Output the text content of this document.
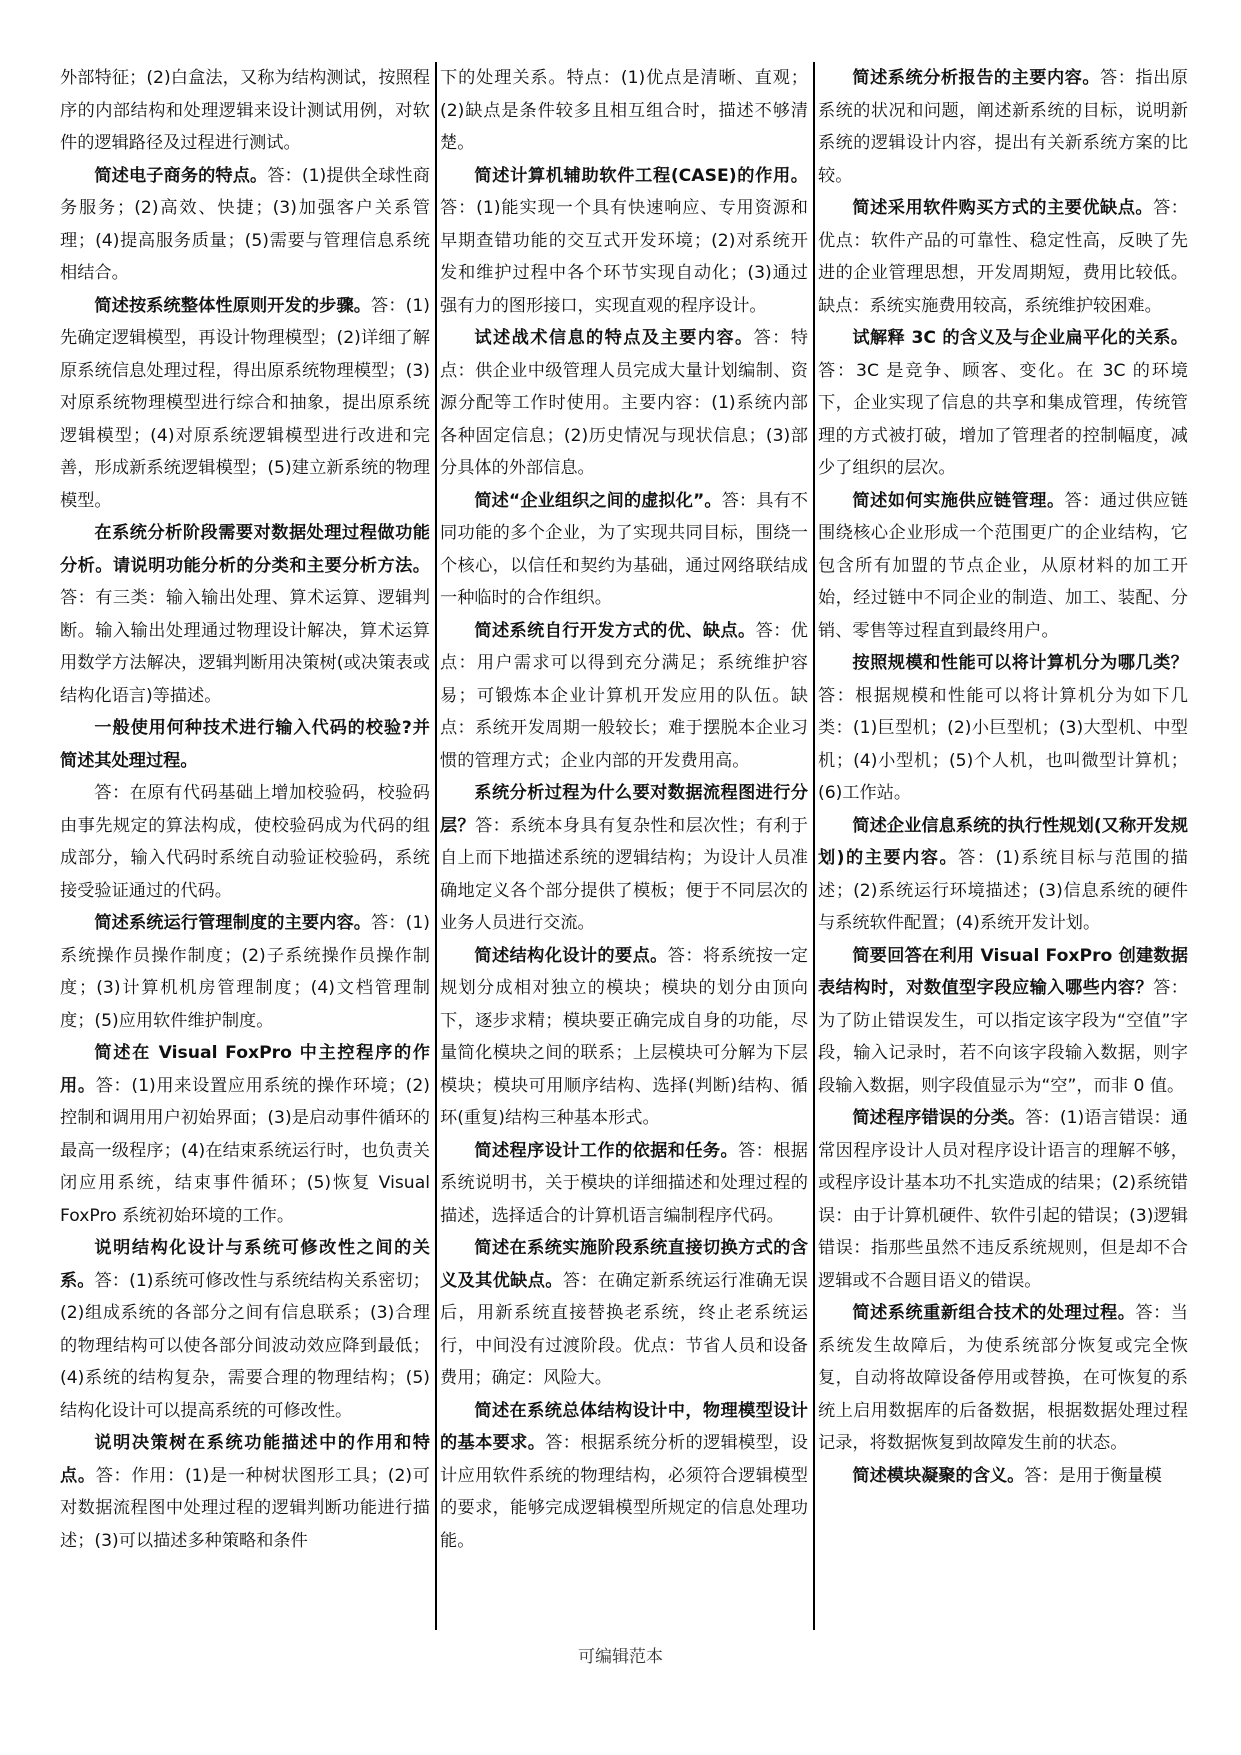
外部特征；(2)白盒法，又称为结构测试，按照程序的内部结构和处理逻辑来设计测试用例，对软件的逻辑路径及过程进行测试。

简述电子商务的特点。答：(1)提供全球性商务服务；(2)高效、快捷；(3)加强客户关系管理；(4)提高服务质量；(5)需要与管理信息系统相结合。

简述按系统整体性原则开发的步骤。答：(1)先确定逻辑模型，再设计物理模型；(2)详细了解原系统信息处理过程，得出原系统物理模型；(3)对原系统物理模型进行综合和抽象，提出原系统逻辑模型；(4)对原系统逻辑模型进行改进和完善，形成新系统逻辑模型；(5)建立新系统的物理模型。

在系统分析阶段需要对数据处理过程做功能分析。请说明功能分析的分类和主要分析方法。答：有三类：输入输出处理、算术运算、逻辑判断。输入输出处理通过物理设计解决，算术运算用数学方法解决，逻辑判断用决策树(或决策表或结构化语言)等描述。

一般使用何种技术进行输入代码的校验?并简述其处理过程。

答：在原有代码基础上增加校验码，校验码由事先规定的算法构成，使校验码成为代码的组成部分，输入代码时系统自动验证校验码，系统接受验证通过的代码。

简述系统运行管理制度的主要内容。答：(1)系统操作员操作制度；(2)子系统操作员操作制度；(3)计算机机房管理制度；(4)文档管理制度；(5)应用软件维护制度。

简述在 Visual FoxPro 中主控程序的作用。答：(1)用来设置应用系统的操作环境；(2)控制和调用用户初始界面；(3)是启动事件循环的最高一级程序；(4)在结束系统运行时，也负责关闭应用系统，结束事件循环；(5)恢复 Visual FoxPro 系统初始环境的工作。

说明结构化设计与系统可修改性之间的关系。答：(1)系统可修改性与系统结构关系密切；(2)组成系统的各部分之间有信息联系；(3)合理的物理结构可以使各部分间波动效应降到最低；(4)系统的结构复杂，需要合理的物理结构；(5)结构化设计可以提高系统的可修改性。

说明决策树在系统功能描述中的作用和特点。答：作用：(1)是一种树状图形工具；(2)可对数据流程图中处理过程的逻辑判断功能进行描述；(3)可以描述多种策略和条件

下的处理关系。特点：(1)优点是清晰、直观；(2)缺点是条件较多且相互组合时，描述不够清楚。

简述计算机辅助软件工程(CASE)的作用。答：(1)能实现一个具有快速响应、专用资源和早期查错功能的交互式开发环境；(2)对系统开发和维护过程中各个环节实现自动化；(3)通过强有力的图形接口，实现直观的程序设计。

试述战术信息的特点及主要内容。答：特点：供企业中级管理人员完成大量计划编制、资源分配等工作时使用。主要内容：(1)系统内部各种固定信息；(2)历史情况与现状信息；(3)部分具体的外部信息。

简述“企业组织之间的虚拟化”。答：具有不同功能的多个企业，为了实现共同目标，围绕一个核心，以信任和契约为基础，通过网络联结成一种临时的合作组织。

简述系统自行开发方式的优、缺点。答：优点：用户需求可以得到充分满足；系统维护容易；可锻炼本企业计算机开发应用的队伍。缺点：系统开发周期一般较长；难于摆脱本企业习惯的管理方式；企业内部的开发费用高。

系统分析过程为什么要对数据流程图进行分层？答：系统本身具有复杂性和层次性；有利于自上而下地描述系统的逻辑结构；为设计人员准确地定义各个部分提供了模板；便于不同层次的业务人员进行交流。

简述结构化设计的要点。答：将系统按一定规划分成相对独立的模块；模块的划分由顶向下，逐步求精；模块要正确完成自身的功能，尽量简化模块之间的联系；上层模块可分解为下层模块；模块可用顺序结构、选择(判断)结构、循环(重复)结构三种基本形式。

简述程序设计工作的依据和任务。答：根据系统说明书，关于模块的详细描述和处理过程的描述，选择适合的计算机语言编制程序代码。

简述在系统实施阶段系统直接切换方式的含义及其优缺点。答：在确定新系统运行准确无误后，用新系统直接替换老系统，终止老系统运行，中间没有过渡阶段。优点：节省人员和设备费用；确定：风险大。

简述在系统总体结构设计中，物理模型设计的基本要求。答：根据系统分析的逻辑模型，设计应用软件系统的物理结构，必须符合逻辑模型的要求，能够完成逻辑模型所规定的信息处理功能。

简述系统分析报告的主要内容。答：指出原系统的状况和问题，阐述新系统的目标，说明新系统的逻辑设计内容，提出有关新系统方案的比较。

简述采用软件购买方式的主要优缺点。答：优点：软件产品的可靠性、稳定性高，反映了先进的企业管理思想，开发周期短，费用比较低。缺点：系统实施费用较高，系统维护较困难。

试解释 3C 的含义及与企业扁平化的关系。答：3C 是竞争、顾客、变化。在 3C 的环境下，企业实现了信息的共享和集成管理，传统管理的方式被打破，增加了管理者的控制幅度，减少了组织的层次。

简述如何实施供应链管理。答：通过供应链围绕核心企业形成一个范围更广的企业结构，它包含所有加盟的节点企业，从原材料的加工开始，经过链中不同企业的制造、加工、装配、分销、零售等过程直到最终用户。

按照规模和性能可以将计算机分为哪几类？答：根据规模和性能可以将计算机分为如下几类：(1)巨型机；(2)小巨型机；(3)大型机、中型机；(4)小型机；(5)个人机，也叫微型计算机；(6)工作站。

简述企业信息系统的执行性规划(又称开发规划)的主要内容。答：(1)系统目标与范围的描述；(2)系统运行环境描述；(3)信息系统的硬件与系统软件配置；(4)系统开发计划。

简要回答在利用 Visual FoxPro 创建数据表结构时，对数值型字段应输入哪些内容？答：为了防止错误发生，可以指定该字段为“空值”字段，输入记录时，若不向该字段输入数据，则字段输入数据，则字段值显示为“空”，而非 0 值。

简述程序错误的分类。答：(1)语言错误：通常因程序设计人员对程序设计语言的理解不够，或程序设计基本功不扎实造成的结果；(2)系统错误：由于计算机硬件、软件引起的错误；(3)逻辑错误：指那些虽然不违反系统规则，但是却不合逻辑或不合题目语义的错误。

简述系统重新组合技术的处理过程。答：当系统发生故障后，为使系统部分恢复或完全恢复，自动将故障设备停用或替换，在可恢复的系统上启用数据库的后备数据，根据数据处理过程记录，将数据恢复到故障发生前的状态。

简述模块凝聚的含义。答：是用于衡量模

可编辑范本
